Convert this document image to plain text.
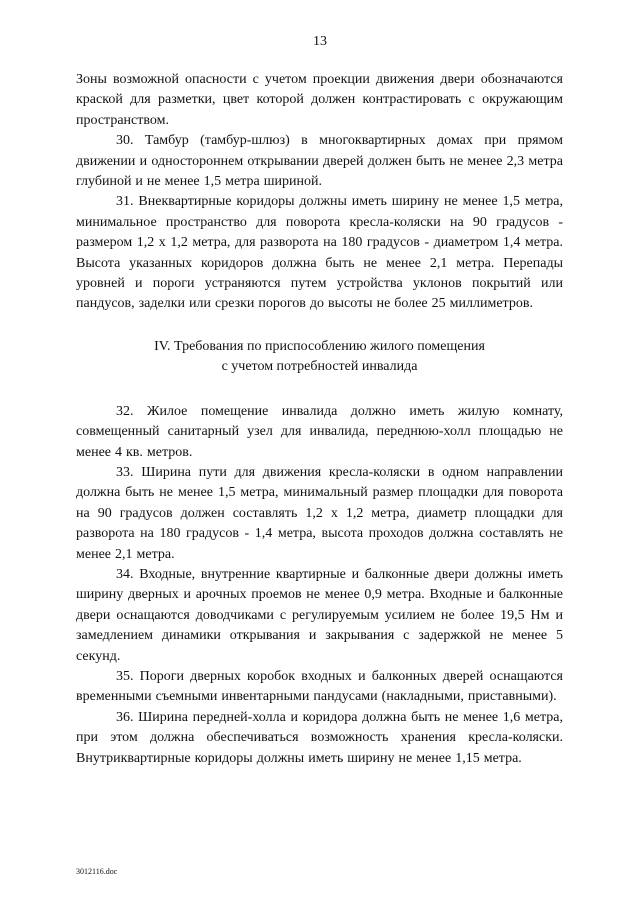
13

Зоны возможной опасности с учетом проекции движения двери обозначаются краской для разметки, цвет которой должен контрастировать с окружающим пространством.

30. Тамбур (тамбур-шлюз) в многоквартирных домах при прямом движении и одностороннем открывании дверей должен быть не менее 2,3 метра глубиной и не менее 1,5 метра шириной.

31. Внеквартирные коридоры должны иметь ширину не менее 1,5 метра, минимальное пространство для поворота кресла-коляски на 90 градусов - размером 1,2 х 1,2 метра, для разворота на 180 градусов - диаметром 1,4 метра. Высота указанных коридоров должна быть не менее 2,1 метра. Перепады уровней и пороги устраняются путем устройства уклонов покрытий или пандусов, заделки или срезки порогов до высоты не более 25 миллиметров.

IV. Требования по приспособлению жилого помещения
с учетом потребностей инвалида

32. Жилое помещение инвалида должно иметь жилую комнату, совмещенный санитарный узел для инвалида, переднюю-холл площадью не менее 4 кв. метров.

33. Ширина пути для движения кресла-коляски в одном направлении должна быть не менее 1,5 метра, минимальный размер площадки для поворота на 90 градусов должен составлять 1,2 х 1,2 метра, диаметр площадки для разворота на 180 градусов - 1,4 метра, высота проходов должна составлять не менее 2,1 метра.

34. Входные, внутренние квартирные и балконные двери должны иметь ширину дверных и арочных проемов не менее 0,9 метра. Входные и балконные двери оснащаются доводчиками с регулируемым усилием не более 19,5 Нм и замедлением динамики открывания и закрывания с задержкой не менее 5 секунд.

35. Пороги дверных коробок входных и балконных дверей оснащаются временными съемными инвентарными пандусами (накладными, приставными).

36. Ширина передней-холла и коридора должна быть не менее 1,6 метра, при этом должна обеспечиваться возможность хранения кресла-коляски. Внутриквартирные коридоры должны иметь ширину не менее 1,15 метра.

3012116.doc
